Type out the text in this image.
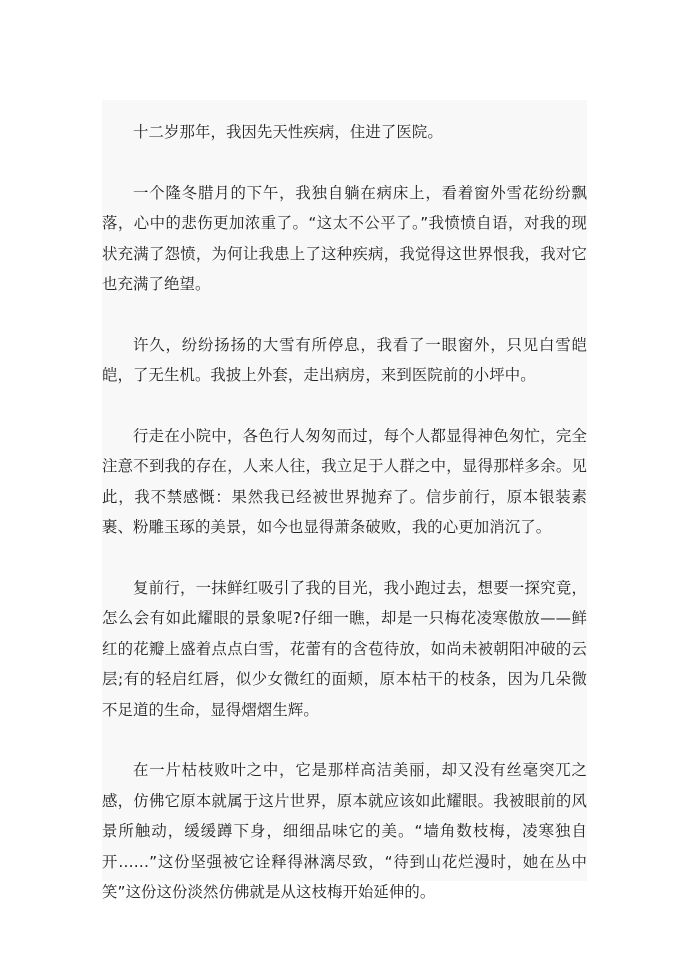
十二岁那年，我因先天性疾病，住进了医院。

一个隆冬腊月的下午，我独自躺在病床上，看着窗外雪花纷纷飘落，心中的悲伤更加浓重了。“这太不公平了。”我愤愤自语，对我的现状充满了怨愤，为何让我患上了这种疾病，我觉得这世界恨我，我对它也充满了绝望。

许久，纷纷扬扬的大雪有所停息，我看了一眼窗外，只见白雪皑皑，了无生机。我披上外套，走出病房，来到医院前的小坪中。

行走在小院中，各色行人匆匆而过，每个人都显得神色匆忙，完全注意不到我的存在，人来人往，我立足于人群之中，显得那样多余。见此，我不禁感慨：果然我已经被世界抛弃了。信步前行，原本银装素裹、粉雕玉琢的美景，如今也显得萧条破败，我的心更加消沉了。

复前行，一抹鲜红吸引了我的目光，我小跑过去，想要一探究竟，怎么会有如此耀眼的景象呢?仔细一瞧，却是一只梅花凌寒傲放——鲜红的花瓣上盛着点点白雪，花蕾有的含苞待放，如尚未被朝阳冲破的云层;有的轻启红唇，似少女微红的面颊，原本枯干的枝条，因为几朵微不足道的生命，显得熠熠生辉。

在一片枯枝败叶之中，它是那样高洁美丽，却又没有丝毫突兀之感，仿佛它原本就属于这片世界，原本就应该如此耀眼。我被眼前的风景所触动，缓缓蹲下身，细细品味它的美。“墙角数枝梅，凌寒独自开……”这份坚强被它诠释得淋漓尽致，“待到山花烂漫时，她在丛中笑”这份这份淡然仿佛就是从这枝梅开始延伸的。
